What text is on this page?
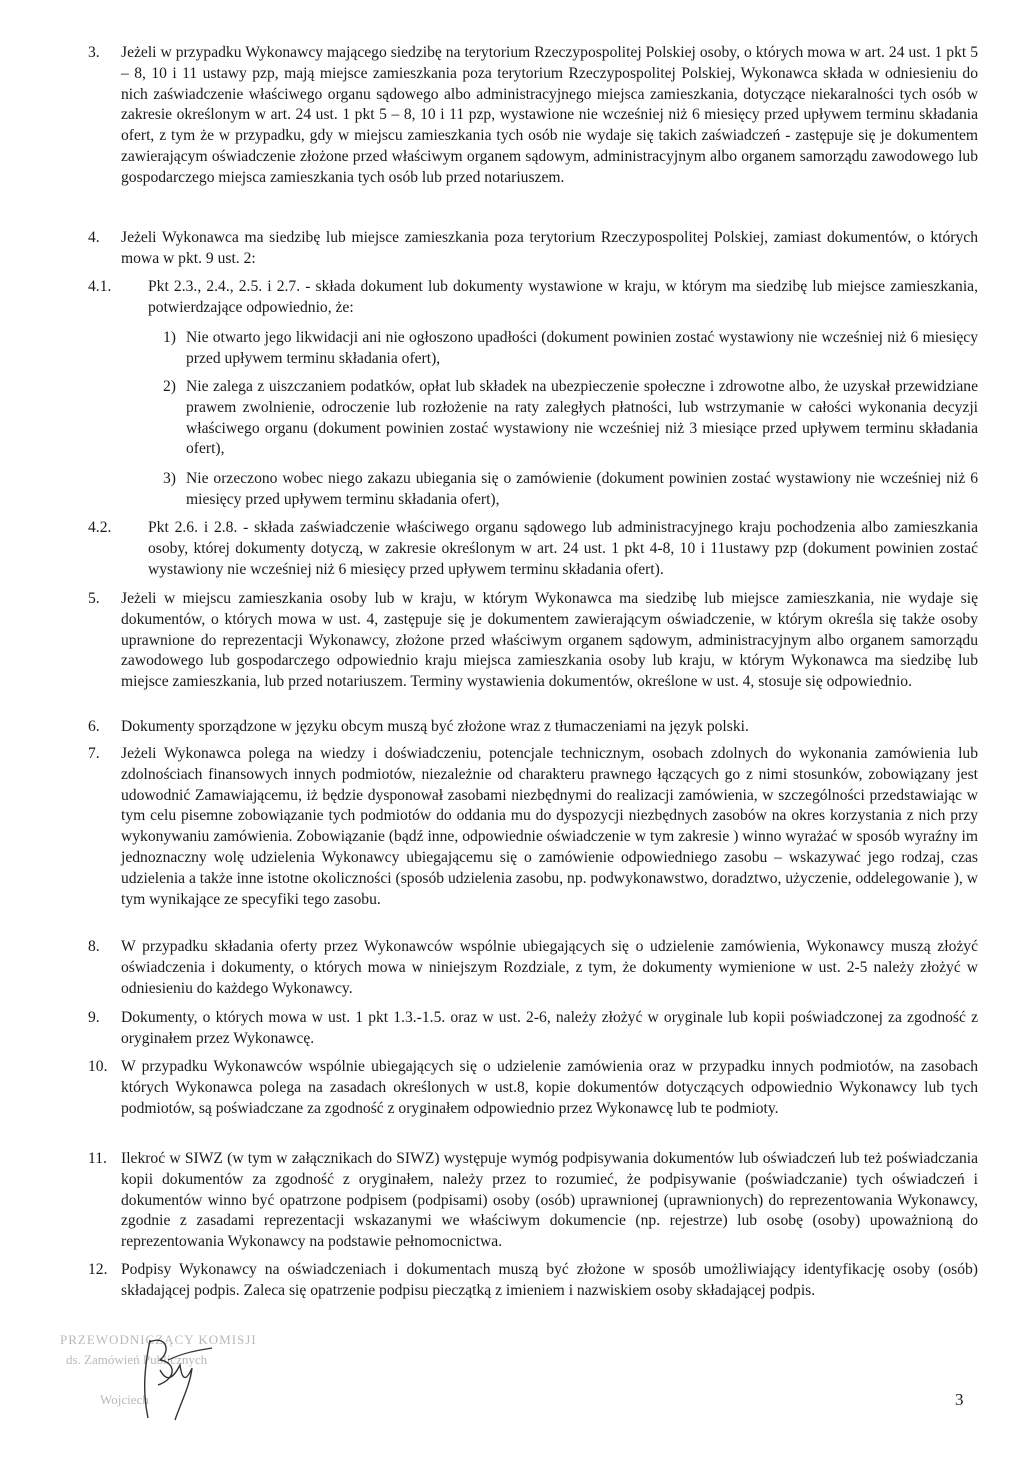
3. Jeżeli w przypadku Wykonawcy mającego siedzibę na terytorium Rzeczypospolitej Polskiej osoby, o których mowa w art. 24 ust. 1 pkt 5 – 8, 10 i 11 ustawy pzp, mają miejsce zamieszkania poza terytorium Rzeczypospolitej Polskiej, Wykonawca składa w odniesieniu do nich zaświadczenie właściwego organu sądowego albo administracyjnego miejsca zamieszkania, dotyczące niekaralności tych osób w zakresie określonym w art. 24 ust. 1 pkt 5 – 8, 10 i 11 pzp, wystawione nie wcześniej niż 6 miesięcy przed upływem terminu składania ofert, z tym że w przypadku, gdy w miejscu zamieszkania tych osób nie wydaje się takich zaświadczeń - zastępuje się je dokumentem zawierającym oświadczenie złożone przed właściwym organem sądowym, administracyjnym albo organem samorządu zawodowego lub gospodarczego miejsca zamieszkania tych osób lub przed notariuszem.
4. Jeżeli Wykonawca ma siedzibę lub miejsce zamieszkania poza terytorium Rzeczypospolitej Polskiej, zamiast dokumentów, o których mowa w pkt. 9 ust. 2:
4.1. Pkt 2.3., 2.4., 2.5. i 2.7. - składa dokument lub dokumenty wystawione w kraju, w którym ma siedzibę lub miejsce zamieszkania, potwierdzające odpowiednio, że:
1) Nie otwarto jego likwidacji ani nie ogłoszono upadłości (dokument powinien zostać wystawiony nie wcześniej niż 6 miesięcy przed upływem terminu składania ofert),
2) Nie zalega z uiszczaniem podatków, opłat lub składek na ubezpieczenie społeczne i zdrowotne albo, że uzyskał przewidziane prawem zwolnienie, odroczenie lub rozłożenie na raty zaległych płatności, lub wstrzymanie w całości wykonania decyzji właściwego organu (dokument powinien zostać wystawiony nie wcześniej niż 3 miesiące przed upływem terminu składania ofert),
3) Nie orzeczono wobec niego zakazu ubiegania się o zamówienie (dokument powinien zostać wystawiony nie wcześniej niż 6 miesięcy przed upływem terminu składania ofert),
4.2. Pkt 2.6. i 2.8. - składa zaświadczenie właściwego organu sądowego lub administracyjnego kraju pochodzenia albo zamieszkania osoby, której dokumenty dotyczą, w zakresie określonym w art. 24 ust. 1 pkt 4-8, 10 i 11ustawy pzp (dokument powinien zostać wystawiony nie wcześniej niż 6 miesięcy przed upływem terminu składania ofert).
5. Jeżeli w miejscu zamieszkania osoby lub w kraju, w którym Wykonawca ma siedzibę lub miejsce zamieszkania, nie wydaje się dokumentów, o których mowa w ust. 4, zastępuje się je dokumentem zawierającym oświadczenie, w którym określa się także osoby uprawnione do reprezentacji Wykonawcy, złożone przed właściwym organem sądowym, administracyjnym albo organem samorządu zawodowego lub gospodarczego odpowiednio kraju miejsca zamieszkania osoby lub kraju, w którym Wykonawca ma siedzibę lub miejsce zamieszkania, lub przed notariuszem. Terminy wystawienia dokumentów, określone w ust. 4, stosuje się odpowiednio.
6. Dokumenty sporządzone w języku obcym muszą być złożone wraz z tłumaczeniami na język polski.
7. Jeżeli Wykonawca polega na wiedzy i doświadczeniu, potencjale technicznym, osobach zdolnych do wykonania zamówienia lub zdolnościach finansowych innych podmiotów, niezależnie od charakteru prawnego łączących go z nimi stosunków, zobowiązany jest udowodnić Zamawiającemu, iż będzie dysponował zasobami niezbędnymi do realizacji zamówienia, w szczególności przedstawiając w tym celu pisemne zobowiązanie tych podmiotów do oddania mu do dyspozycji niezbędnych zasobów na okres korzystania z nich przy wykonywaniu zamówienia. Zobowiązanie (bądź inne, odpowiednie oświadczenie w tym zakresie ) winno wyrażać w sposób wyraźny im jednoznaczny wolę udzielenia Wykonawcy ubiegającemu się o zamówienie odpowiedniego zasobu – wskazywać jego rodzaj, czas udzielenia a także inne istotne okoliczności (sposób udzielenia zasobu, np. podwykonawstwo, doradztwo, użyczenie, oddelegowanie ), w tym wynikające ze specyfiki tego zasobu.
8. W przypadku składania oferty przez Wykonawców wspólnie ubiegających się o udzielenie zamówienia, Wykonawcy muszą złożyć oświadczenia i dokumenty, o których mowa w niniejszym Rozdziale, z tym, że dokumenty wymienione w ust. 2-5 należy złożyć w odniesieniu do każdego Wykonawcy.
9. Dokumenty, o których mowa w ust. 1 pkt 1.3.-1.5. oraz w ust. 2-6, należy złożyć w oryginale lub kopii poświadczonej za zgodność z oryginałem przez Wykonawcę.
10. W przypadku Wykonawców wspólnie ubiegających się o udzielenie zamówienia oraz w przypadku innych podmiotów, na zasobach których Wykonawca polega na zasadach określonych w ust.8, kopie dokumentów dotyczących odpowiednio Wykonawcy lub tych podmiotów, są poświadczane za zgodność z oryginałem odpowiednio przez Wykonawcę lub te podmioty.
11. Ilekroć w SIWZ (w tym w załącznikach do SIWZ) występuje wymóg podpisywania dokumentów lub oświadczeń lub też poświadczania kopii dokumentów za zgodność z oryginałem, należy przez to rozumieć, że podpisywanie (poświadczanie) tych oświadczeń i dokumentów winno być opatrzone podpisem (podpisami) osoby (osób) uprawnionej (uprawnionych) do reprezentowania Wykonawcy, zgodnie z zasadami reprezentacji wskazanymi we właściwym dokumencie (np. rejestrze) lub osobę (osoby) upoważnioną do reprezentowania Wykonawcy na podstawie pełnomocnictwa.
12. Podpisy Wykonawcy na oświadczeniach i dokumentach muszą być złożone w sposób umożliwiający identyfikację osoby (osób) składającej podpis. Zaleca się opatrzenie podpisu pieczątką z imieniem i nazwiskiem osoby składającej podpis.
PRZEWODNICZĄCY KOMISJI
ds. Zamówień Publicznych
Wojciech	3
